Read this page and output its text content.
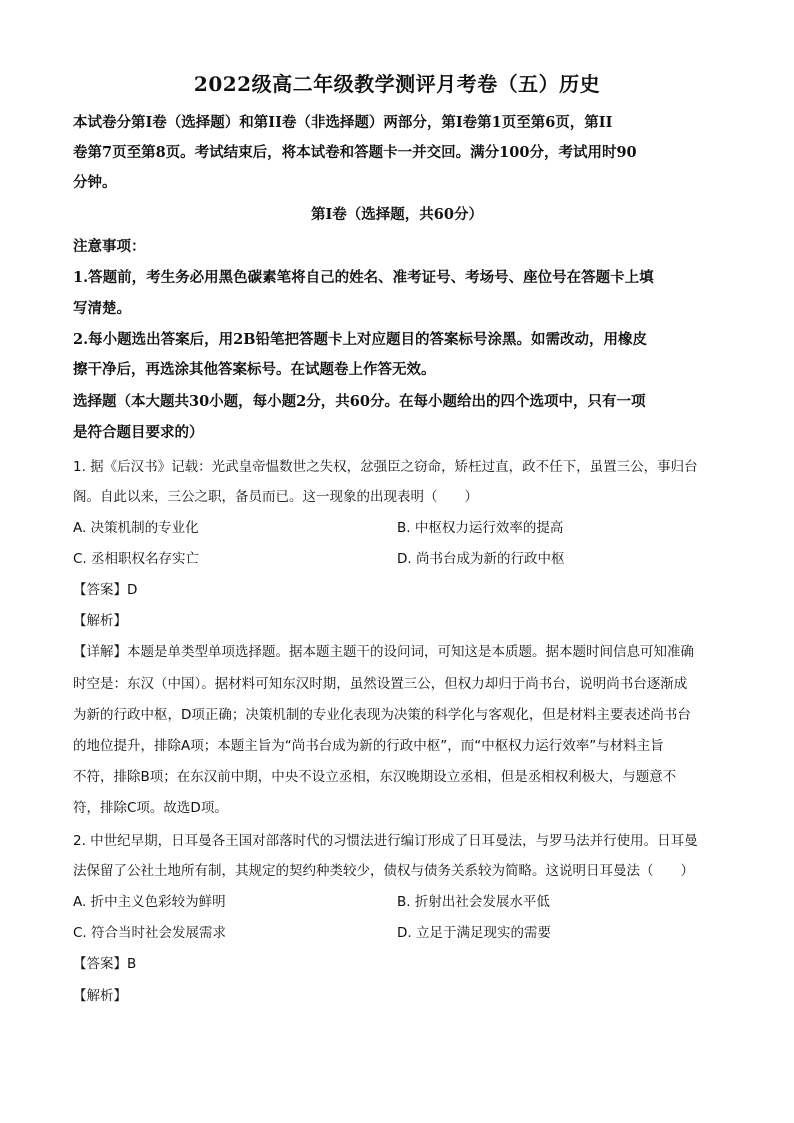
2022级高二年级教学测评月考卷（五）历史
本试卷分第Ⅰ卷（选择题）和第II卷（非选择题）两部分，第Ⅰ卷第1页至第6页，第II
卷第7页至第8页。考试结束后，将本试卷和答题卡一并交回。满分100分，考试用时90
分钟。
第Ⅰ卷（选择题，共60分）
注意事项：
1.答题前，考生务必用黑色碳素笔将自己的姓名、准考证号、考场号、座位号在答题卡上填
写清楚。
2.每小题选出答案后，用2B铅笔把答题卡上对应题目的答案标号涂黑。如需改动，用橡皮
擦干净后，再选涂其他答案标号。在试题卷上作答无效。
选择题（本大题共30小题，每小题2分，共60分。在每小题给出的四个选项中，只有一项
是符合题目要求的）
1. 据《后汉书》记载：光武皇帝愠数世之失权，忿强臣之窃命，矫枉过直，政不任下，虽置三公，事归台
阁。自此以来，三公之职，备员而已。这一现象的出现表明（　　）
A. 决策机制的专业化	B. 中枢权力运行效率的提高
C. 丞相职权名存实亡	D. 尚书台成为新的行政中枢
【答案】D
【解析】
【详解】本题是单类型单项选择题。据本题主题干的设问词，可知这是本质题。据本题时间信息可知准确
时空是：东汉（中国）。据材料可知东汉时期，虽然设置三公，但权力却归于尚书台，说明尚书台逐渐成
为新的行政中枢，D项正确；决策机制的专业化表现为决策的科学化与客观化，但是材料主要表述尚书台
的地位提升，排除A项；本题主旨为“尚书台成为新的行政中枢”，而“中枢权力运行效率”与材料主旨
不符，排除B项；在东汉前中期，中央不设立丞相，东汉晚期设立丞相，但是丞相权利极大，与题意不
符，排除C项。故选D项。
2. 中世纪早期，日耳曼各王国对部落时代的习惯法进行编订形成了日耳曼法，与罗马法并行使用。日耳曼
法保留了公社土地所有制，其规定的契约种类较少，债权与债务关系较为简略。这说明日耳曼法（　　）
A. 折中主义色彩较为鲜明	B. 折射出社会发展水平低
C. 符合当时社会发展需求	D. 立足于满足现实的需要
【答案】B
【解析】
